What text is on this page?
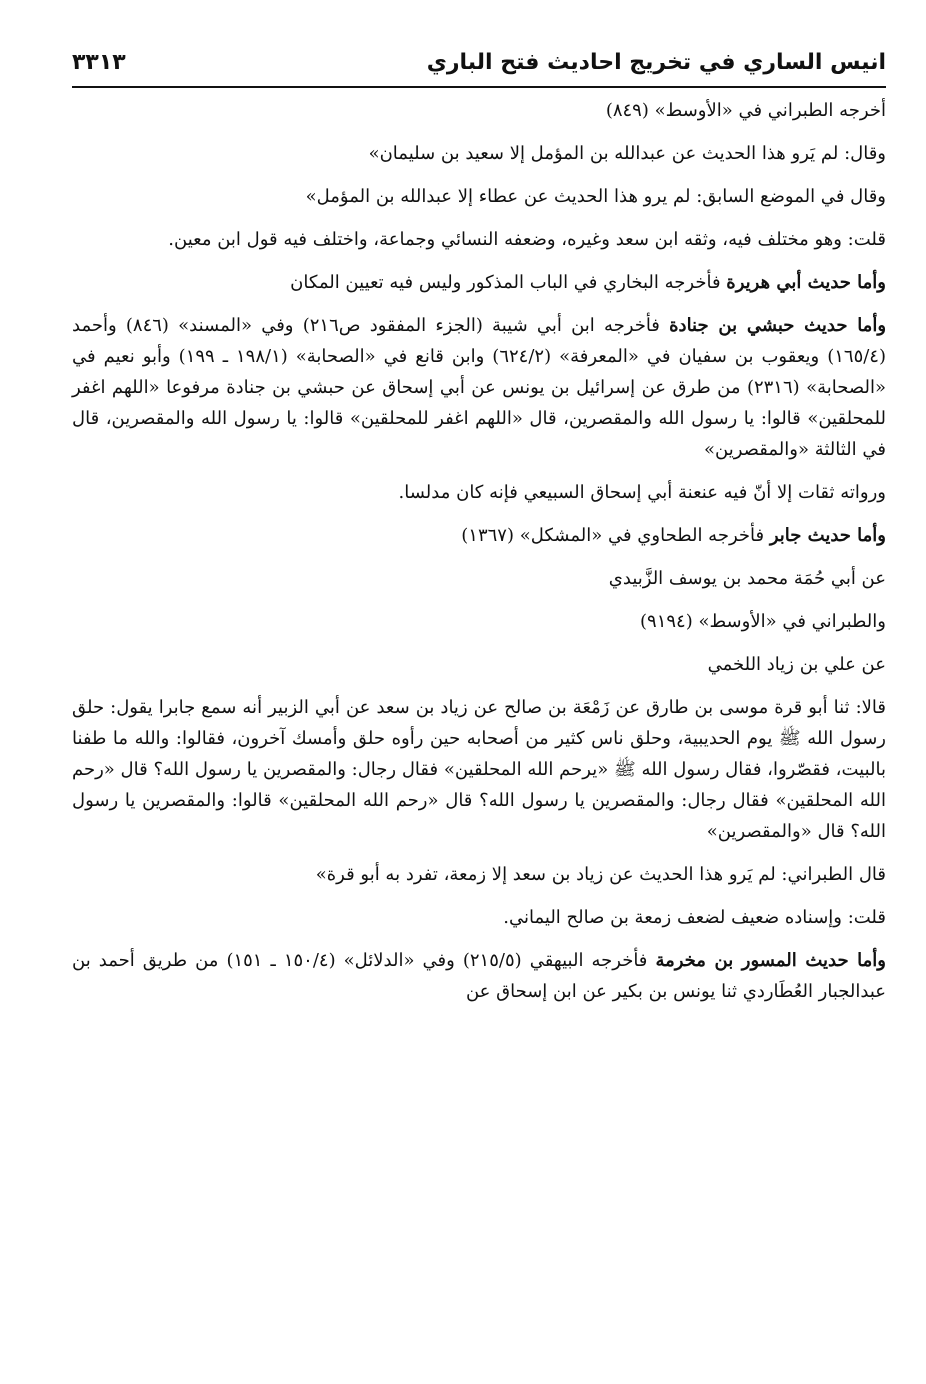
انيس الساري في تخريج احاديث فتح الباري
٣٣١٣

أخرجه الطبراني في «الأوسط» (٨٤٩)

وقال: لم يَرو هذا الحديث عن عبدالله بن المؤمل إلا سعيد بن سليمان»

وقال في الموضع السابق: لم يرو هذا الحديث عن عطاء إلا عبدالله بن المؤمل»

قلت: وهو مختلف فيه، وثقه ابن سعد وغيره، وضعفه النسائي وجماعة، واختلف فيه قول ابن معين.

وأما حديث أبي هريرة فأخرجه البخاري في الباب المذكور وليس فيه تعيين المكان

وأما حديث حبشي بن جنادة فأخرجه ابن أبي شيبة (الجزء المفقود ص٢١٦) وفي «المسند» (٨٤٦) وأحمد (١٦٥/٤) ويعقوب بن سفيان في «المعرفة» (٦٢٤/٢) وابن قانع في «الصحابة» (١٩٨/١ ـ ١٩٩) وأبو نعيم في «الصحابة» (٢٣١٦) من طرق عن إسرائيل بن يونس عن أبي إسحاق عن حبشي بن جنادة مرفوعا «اللهم اغفر للمحلقين» قالوا: يا رسول الله والمقصرين، قال «اللهم اغفر للمحلقين» قالوا: يا رسول الله والمقصرين، قال في الثالثة «والمقصرين»

ورواته ثقات إلا أنّ فيه عنعنة أبي إسحاق السبيعي فإنه كان مدلسا.

وأما حديث جابر فأخرجه الطحاوي في «المشكل» (١٣٦٧)

عن أبي حُمَة محمد بن يوسف الزَّبيدي

والطبراني في «الأوسط» (٩١٩٤)

عن علي بن زياد اللخمي

قالا: ثنا أبو قرة موسى بن طارق عن زَمْعَة بن صالح عن زياد بن سعد عن أبي الزبير أنه سمع جابرا يقول: حلق رسول الله ﷺ يوم الحديبية، وحلق ناس كثير من أصحابه حين رأوه حلق وأمسك آخرون، فقالوا: والله ما طفنا بالبيت، فقصّروا، فقال رسول الله ﷺ «يرحم الله المحلقين» فقال رجال: والمقصرين يا رسول الله؟ قال «رحم الله المحلقين» فقال رجال: والمقصرين يا رسول الله؟ قال «رحم الله المحلقين» قالوا: والمقصرين يا رسول الله؟ قال «والمقصرين»

قال الطبراني: لم يَرو هذا الحديث عن زياد بن سعد إلا زمعة، تفرد به أبو قرة»

قلت: وإسناده ضعيف لضعف زمعة بن صالح اليماني.

وأما حديث المسور بن مخرمة فأخرجه البيهقي (٢١٥/٥) وفي «الدلائل» (١٥٠/٤ ـ ١٥١) من طريق أحمد بن عبدالجبار العُطَاردي ثنا يونس بن بكير عن ابن إسحاق عن
